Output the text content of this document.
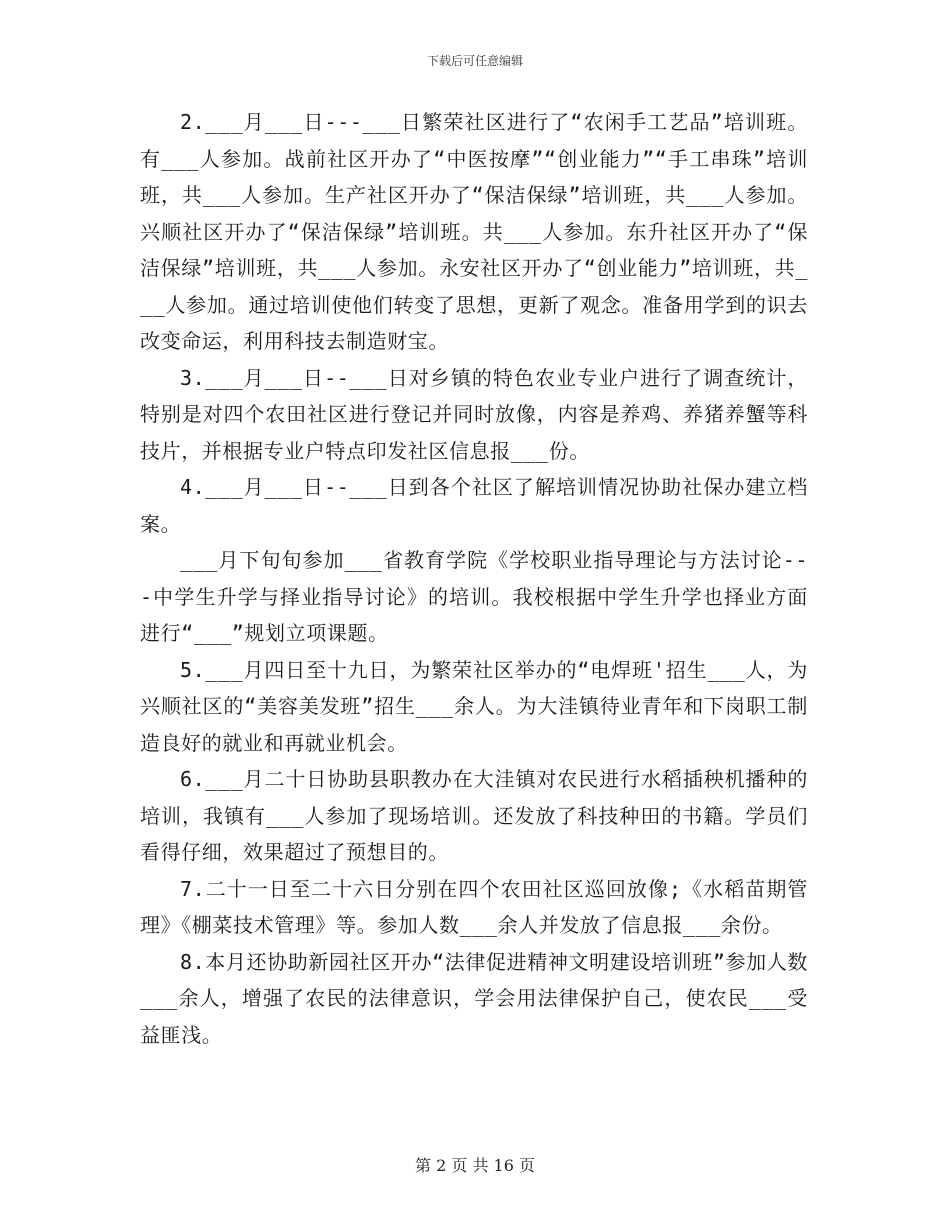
下载后可任意编辑

2.___月___日---___日繁荣社区进行了“农闲手工艺品”培训班。有___人参加。战前社区开办了“中医按摩”“创业能力”“手工串珠”培训班，共___人参加。生产社区开办了“保洁保绿”培训班，共___人参加。兴顺社区开办了“保洁保绿”培训班。共___人参加。东升社区开办了“保洁保绿”培训班，共___人参加。永安社区开办了“创业能力”培训班，共___人参加。通过培训使他们转变了思想，更新了观念。准备用学到的识去改变命运，利用科技去制造财宝。

3.___月___日--___日对乡镇的特色农业专业户进行了调查统计，特别是对四个农田社区进行登记并同时放像，内容是养鸡、养猪养蟹等科技片，并根据专业户特点印发社区信息报___份。

4.___月___日--___日到各个社区了解培训情况协助社保办建立档案。

___月下旬旬参加___省教育学院《学校职业指导理论与方法讨论---中学生升学与择业指导讨论》的培训。我校根据中学生升学也择业方面进行“___”规划立项课题。

5.___月四日至十九日，为繁荣社区举办的“电焊班'招生___人，为兴顺社区的“美容美发班”招生___余人。为大洼镇待业青年和下岗职工制造良好的就业和再就业机会。

6.___月二十日协助县职教办在大洼镇对农民进行水稻插秧机播种的培训，我镇有___人参加了现场培训。还发放了科技种田的书籍。学员们看得仔细，效果超过了预想目的。

7.二十一日至二十六日分别在四个农田社区巡回放像;《水稻苗期管理》《棚菜技术管理》等。参加人数___余人并发放了信息报___余份。

8.本月还协助新园社区开办“法律促进精神文明建设培训班”参加人数___余人，增强了农民的法律意识，学会用法律保护自己，使农民___受益匪浅。

第 2 页 共 16 页
